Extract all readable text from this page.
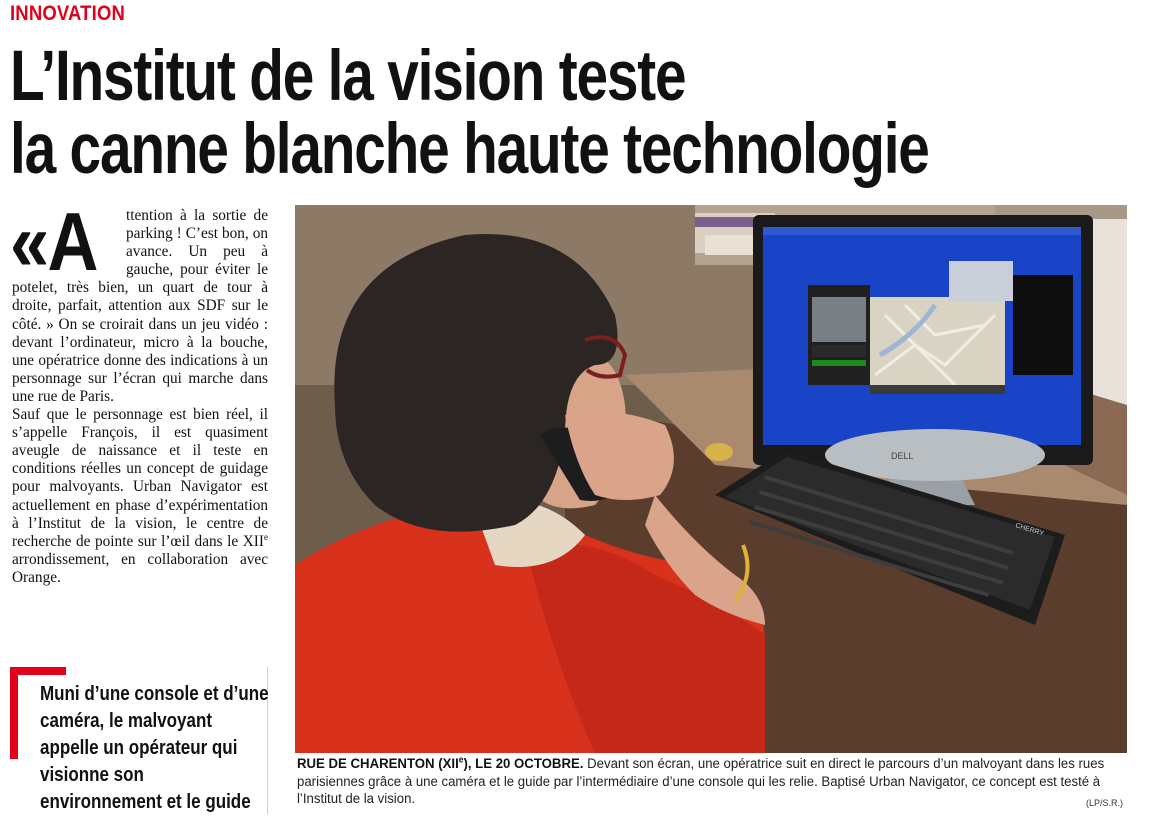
INNOVATION
L’Institut de la vision teste
la canne blanche haute technologie
«A	ttention à la sortie de parking ! C’est bon, on avance. Un peu à gauche, pour éviter le potelet, très bien, un quart de tour à droite, parfait, attention aux SDF sur le côté. » On se croirait dans un jeu vidéo : devant l’ordinateur, micro à la bouche, une opératrice donne des indications à un personnage sur l’écran qui marche dans une rue de Paris.

Sauf que le personnage est bien réel, il s’appelle François, il est quasiment aveugle de naissance et il teste en conditions réelles un concept de guidage pour malvoyants. Urban Navigator est actuellement en phase d’expérimentation à l’Institut de la vision, le centre de recherche de pointe sur l’œil dans le XIIe arrondissement, en collaboration avec Orange.

Muni d’une console et d’une caméra, le malvoyant appelle un opérateur qui visionne son environnement et le guide
DELL
CHERRY
RUE DE CHARENTON (XIIe), LE 20 OCTOBRE. Devant son écran, une opératrice suit en direct le parcours d’un malvoyant dans les rues parisiennes grâce à une caméra et le guide par l’intermédiaire d’une console qui les relie. Baptisé Urban Navigator, ce concept est testé à l’Institut de la vision.	(LP/S.R.)
